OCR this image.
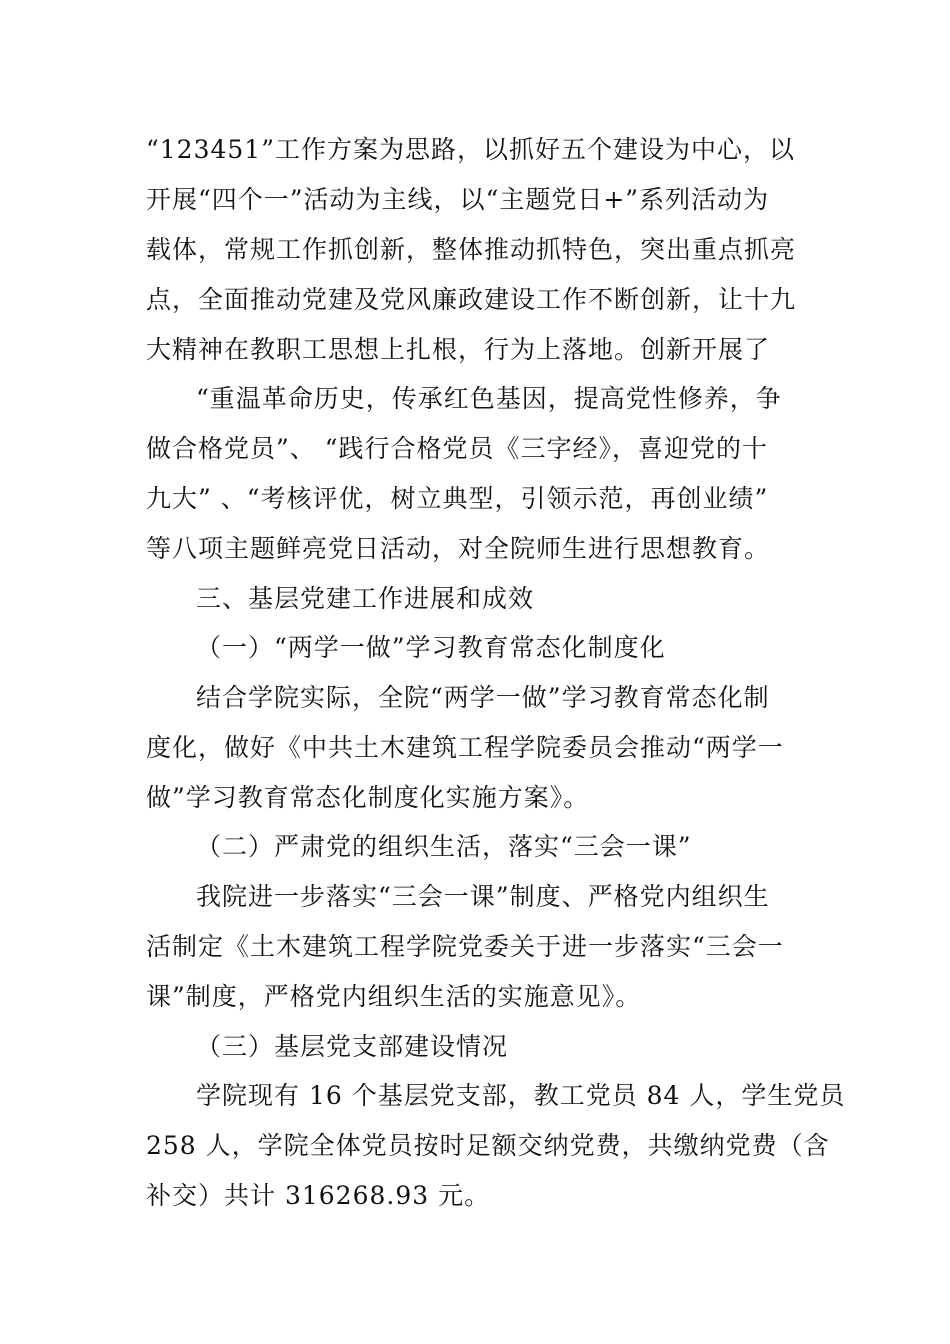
“123451”工作方案为思路，以抓好五个建设为中心，以
开展“四个一”活动为主线，以“主题党日+”系列活动为
载体，常规工作抓创新，整体推动抓特色，突出重点抓亮
点，全面推动党建及党风廉政建设工作不断创新，让十九
大精神在教职工思想上扎根，行为上落地。创新开展了
“重温革命历史，传承红色基因，提高党性修养，争
做合格党员”、 “践行合格党员《三字经》，喜迎党的十
九大” 、“考核评优，树立典型，引领示范，再创业绩”
等八项主题鲜亮党日活动，对全院师生进行思想教育。
三、基层党建工作进展和成效
（一）“两学一做”学习教育常态化制度化
结合学院实际，全院“两学一做”学习教育常态化制
度化，做好《中共土木建筑工程学院委员会推动“两学一
做”学习教育常态化制度化实施方案》。
（二）严肃党的组织生活，落实“三会一课”
我院进一步落实“三会一课”制度、严格党内组织生
活制定《土木建筑工程学院党委关于进一步落实“三会一
课”制度，严格党内组织生活的实施意见》。
（三）基层党支部建设情况
学院现有 16 个基层党支部，教工党员 84 人，学生党员
258 人，学院全体党员按时足额交纳党费，共缴纳党费（含
补交）共计 316268.93 元。
